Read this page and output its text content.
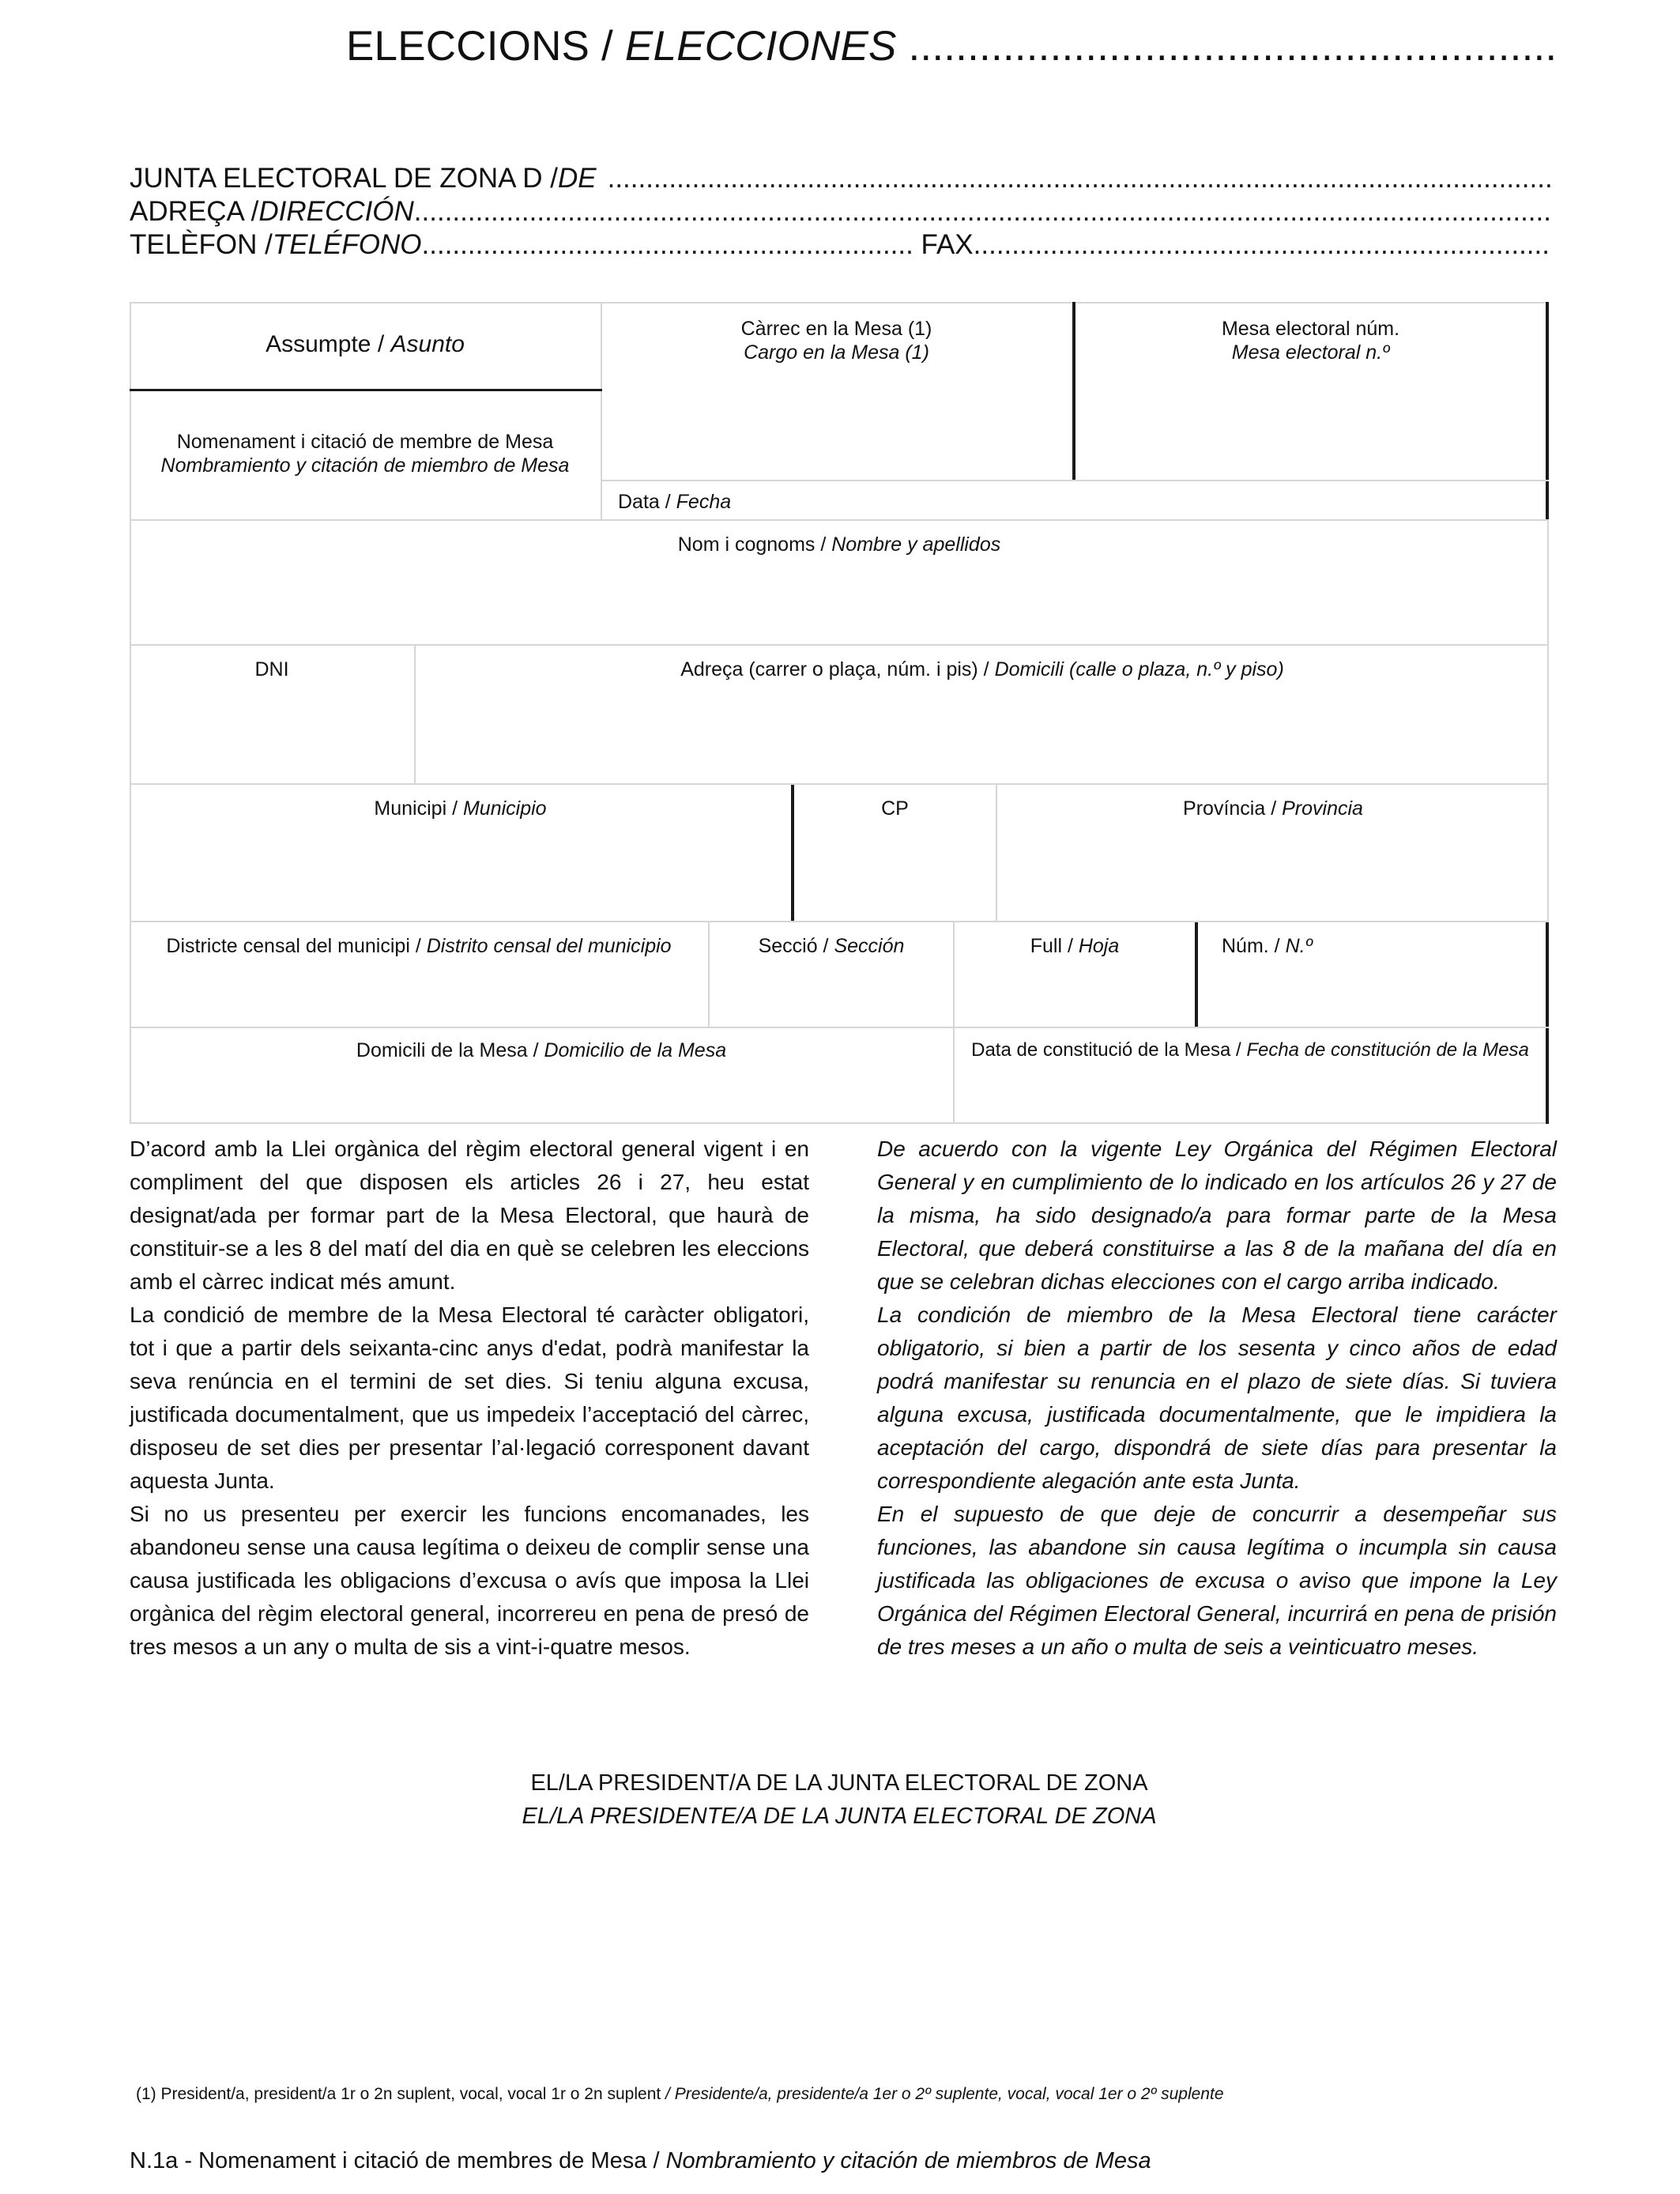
ELECCIONS / ELECCIONES .......................................................
JUNTA ELECTORAL DE ZONA D / DE
.....
ADREÇA / DIRECCIÓN
.....
TELÈFON / TELÉFONO
.....	FAX
.....
Assumpte / Asunto
Càrrec en la Mesa (1)
Cargo en la Mesa (1)
Mesa electoral núm.
Mesa electoral n.º
Nomenament i citació de membre de Mesa
Nombramiento y citación de miembro de Mesa
Data / Fecha
Nom i cognoms / Nombre y apellidos
DNI	Adreça (carrer o plaça, núm. i pis) / Domicili (calle o plaza, n.º y piso)
Municipi / Municipio	CP	Província / Provincia
Districte censal del municipi / Distrito censal del municipio	Secció / Sección	Full / Hoja	Núm. / N.º
Domicili de la Mesa / Domicilio de la Mesa	Data de constitució de la Mesa / Fecha de constitución de la Mesa

D’acord amb la Llei orgànica del règim electoral general vigent i en compliment del que disposen els articles 26 i 27, heu estat designat/ada per formar part de la Mesa Electoral, que haurà de constituir-se a les 8 del matí del dia en què se celebren les eleccions amb el càrrec indicat més amunt.

La condició de membre de la Mesa Electoral té caràcter obligatori, tot i que a partir dels seixanta-cinc anys d'edat, podrà manifestar la seva renúncia en el termini de set dies. Si teniu alguna excusa, justificada documentalment, que us impedeix l’acceptació del càrrec, disposeu de set dies per presentar l’al·legació corresponent davant aquesta Junta.

Si no us presenteu per exercir les funcions encomanades, les abandoneu sense una causa legítima o deixeu de complir sense una causa justificada les obligacions d’excusa o avís que imposa la Llei orgànica del règim electoral general, incorrereu en pena de presó de tres mesos a un any o multa de sis a vint-i-quatre mesos.

De acuerdo con la vigente Ley Orgánica del Régimen Electoral General y en cumplimiento de lo indicado en los artículos 26 y 27 de la misma, ha sido designado/a para formar parte de la Mesa Electoral, que deberá constituirse a las 8 de la mañana del día en que se celebran dichas elecciones con el cargo arriba indicado.

La condición de miembro de la Mesa Electoral tiene carácter obligatorio, si bien a partir de los sesenta y cinco años de edad podrá manifestar su renuncia en el plazo de siete días. Si tuviera alguna excusa, justificada documentalmente, que le impidiera la aceptación del cargo, dispondrá de siete días para presentar la correspondiente alegación ante esta Junta.

En el supuesto de que deje de concurrir a desempeñar sus funciones, las abandone sin causa legítima o incumpla sin causa justificada las obligaciones de excusa o aviso que impone la Ley Orgánica del Régimen Electoral General, incurrirá en pena de prisión de tres meses a un año o multa de seis a veinticuatro meses.

EL/LA PRESIDENT/A DE LA JUNTA ELECTORAL DE ZONA
EL/LA PRESIDENTE/A DE LA JUNTA ELECTORAL DE ZONA
(1) President/a, president/a 1r o 2n suplent, vocal, vocal 1r o 2n suplent / Presidente/a, presidente/a 1er o 2º suplente, vocal, vocal 1er o 2º suplente
N.1a - Nomenament i citació de membres de Mesa / Nombramiento y citación de miembros de Mesa
